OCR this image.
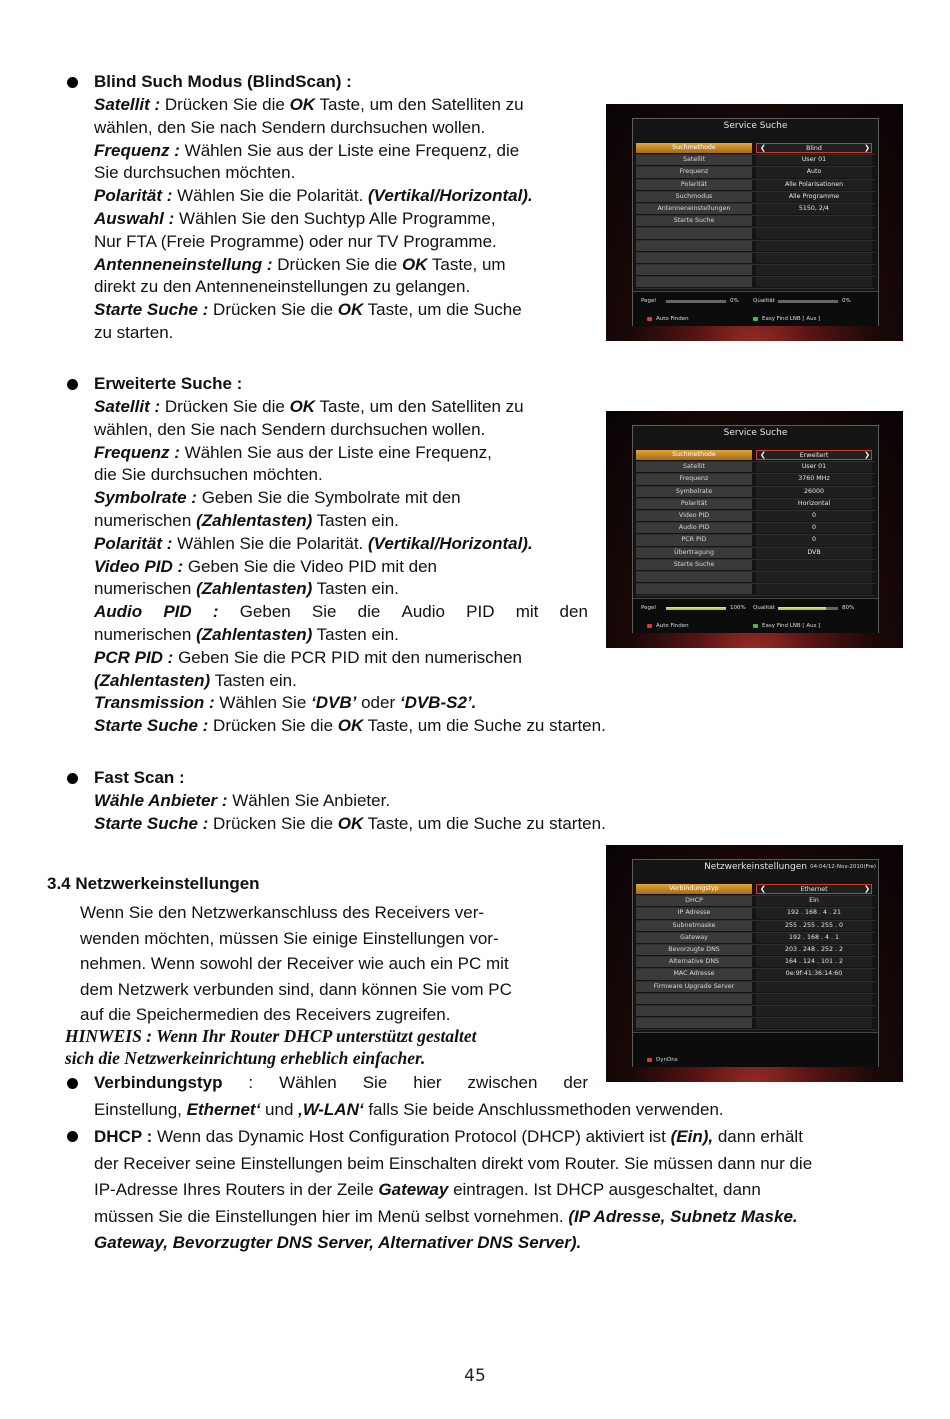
Blind Such Modus (BlindScan) :

Satellit : Drücken Sie die OK Taste, um den Satelliten zu

wählen, den Sie nach Sendern durchsuchen wollen.

Frequenz : Wählen Sie aus der Liste eine Frequenz, die

Sie durchsuchen möchten.

Polarität : Wählen Sie die Polarität. (Vertikal/Horizontal).

Auswahl : Wählen Sie den Suchtyp Alle Programme,

Nur FTA (Freie Programme) oder nur TV Programme.

Antenneneinstellung : Drücken Sie die OK Taste, um

direkt zu den Antenneneinstellungen zu gelangen.

Starte Suche : Drücken Sie die OK Taste, um die Suche

zu starten.

Service Suche
Suchmethode	Blind
❮	❯
Satellit	User 01
Frequenz	Auto
Polarität	Alle Polarisationen
Suchmodus	Alle Programme
Antenneneinstellungen	5150, 2/4
Starte Suche
Pegel	0%	Qualität	0%
Auto Finden	Easy Find LNB [ Aus ]
Erweiterte Suche :

Satellit : Drücken Sie die OK Taste, um den Satelliten zu

wählen, den Sie nach Sendern durchsuchen wollen.

Frequenz : Wählen Sie aus der Liste eine Frequenz,

die Sie durchsuchen möchten.

Symbolrate : Geben Sie die Symbolrate mit den

numerischen (Zahlentasten) Tasten ein.

Polarität : Wählen Sie die Polarität. (Vertikal/Horizontal).

Video PID : Geben Sie die Video PID mit den

numerischen (Zahlentasten) Tasten ein.

Audio PID : Geben Sie die Audio PID mit den

numerischen (Zahlentasten) Tasten ein.

PCR PID : Geben Sie die PCR PID mit den numerischen

(Zahlentasten) Tasten ein.

Transmission : Wählen Sie ‘DVB’ oder ‘DVB-S2’.

Starte Suche : Drücken Sie die OK Taste, um die Suche zu starten.

Service Suche
Suchmethode	Erweitert
❮	❯
Satellit	User 01
Frequenz	3760 MHz
Symbolrate	26000
Polarität	Horizontal
Video PID	0
Audio PID	0
PCR PID	0
Übertragung	DVB
Starte Suche
Pegel	100% Qualität	80%
Auto Finden	Easy Find LNB [ Aus ]
Fast Scan :

Wähle Anbieter : Wählen Sie Anbieter.

Starte Suche : Drücken Sie die OK Taste, um die Suche zu starten.

Netzwerkeinstellungen 04:04/12-Nov-2010(Fre)
Verbindungstyp	Ethernet
❮	❯
DHCP	Ein
IP Adresse	192 . 168 . 4 . 21
Subnetmaske	255 . 255 . 255 . 0
Gateway	192 . 168 . 4 . 1
Bevorzugte DNS	203 . 248 . 252 . 2
Alternative DNS	164 . 124 . 101 . 2
MAC Adresse	0e:9f:41:36:14:60
Firmware Upgrade Server
DynDns
3.4 Netzwerkeinstellungen

Wenn Sie den Netzwerkanschluss des Receivers ver-

wenden möchten, müssen Sie einige Einstellungen vor-

nehmen. Wenn sowohl der Receiver wie auch ein PC mit

dem Netzwerk verbunden sind, dann können Sie vom PC

auf die Speichermedien des Receivers zugreifen.

HINWEIS : Wenn Ihr Router DHCP unterstützt gestaltet
sich die Netzwerkeinrichtung erheblich einfacher.
Verbindungstyp : Wählen Sie hier zwischen der

Einstellung, Ethernet‘ und ‚W-LAN‘ falls Sie beide Anschlussmethoden verwenden.

DHCP : Wenn das Dynamic Host Configuration Protocol (DHCP) aktiviert ist (Ein), dann erhält

der Receiver seine Einstellungen beim Einschalten direkt vom Router. Sie müssen dann nur die

IP-Adresse Ihres Routers in der Zeile Gateway eintragen. Ist DHCP ausgeschaltet, dann

müssen Sie die Einstellungen hier im Menü selbst vornehmen. (IP Adresse, Subnetz Maske.

Gateway, Bevorzugter DNS Server, Alternativer DNS Server).

45
